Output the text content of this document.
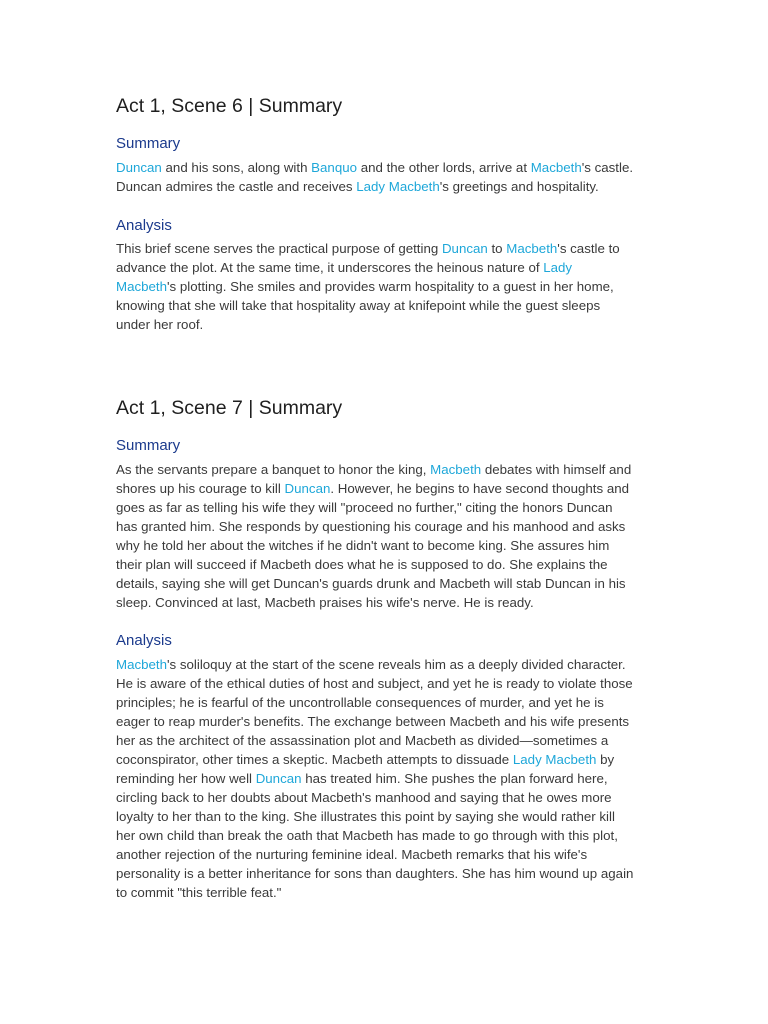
Act 1, Scene 6 | Summary
Summary
Duncan and his sons, along with Banquo and the other lords, arrive at Macbeth's castle.
Duncan admires the castle and receives Lady Macbeth's greetings and hospitality.
Analysis
This brief scene serves the practical purpose of getting Duncan to Macbeth's castle to
advance the plot. At the same time, it underscores the heinous nature of Lady
Macbeth's plotting. She smiles and provides warm hospitality to a guest in her home,
knowing that she will take that hospitality away at knifepoint while the guest sleeps
under her roof.
Act 1, Scene 7 | Summary
Summary
As the servants prepare a banquet to honor the king, Macbeth debates with himself and
shores up his courage to kill Duncan. However, he begins to have second thoughts and
goes as far as telling his wife they will "proceed no further," citing the honors Duncan
has granted him. She responds by questioning his courage and his manhood and asks
why he told her about the witches if he didn't want to become king. She assures him
their plan will succeed if Macbeth does what he is supposed to do. She explains the
details, saying she will get Duncan's guards drunk and Macbeth will stab Duncan in his
sleep. Convinced at last, Macbeth praises his wife's nerve. He is ready.
Analysis
Macbeth's soliloquy at the start of the scene reveals him as a deeply divided character.
He is aware of the ethical duties of host and subject, and yet he is ready to violate those
principles; he is fearful of the uncontrollable consequences of murder, and yet he is
eager to reap murder's benefits. The exchange between Macbeth and his wife presents
her as the architect of the assassination plot and Macbeth as divided—sometimes a
coconspirator, other times a skeptic. Macbeth attempts to dissuade Lady Macbeth by
reminding her how well Duncan has treated him. She pushes the plan forward here,
circling back to her doubts about Macbeth's manhood and saying that he owes more
loyalty to her than to the king. She illustrates this point by saying she would rather kill
her own child than break the oath that Macbeth has made to go through with this plot,
another rejection of the nurturing feminine ideal. Macbeth remarks that his wife's
personality is a better inheritance for sons than daughters. She has him wound up again
to commit "this terrible feat."
